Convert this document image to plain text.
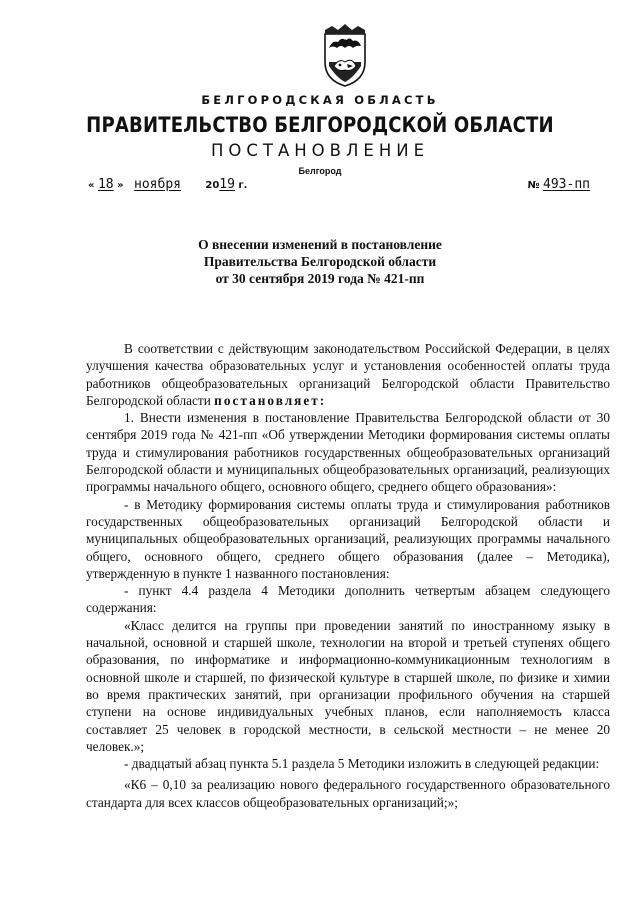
БЕЛГОРОДСКАЯ ОБЛАСТЬ
ПРАВИТЕЛЬСТВО БЕЛГОРОДСКОЙ ОБЛАСТИ
ПОСТАНОВЛЕНИЕ
Белгород
« 18 » ноября 2019 г.	№ 493-пп
О внесении изменений в постановление
Правительства Белгородской области
от 30 сентября 2019 года № 421-пп

В соответствии с действующим законодательством Российской Федерации, в целях улучшения качества образовательных услуг и установления особенностей оплаты труда работников общеобразовательных организаций Белгородской области Правительство Белгородской области постановляет:

1. Внести изменения в постановление Правительства Белгородской области от 30 сентября 2019 года № 421-пп «Об утверждении Методики формирования системы оплаты труда и стимулирования работников государственных общеобразовательных организаций Белгородской области и муниципальных общеобразовательных организаций, реализующих программы начального общего, основного общего, среднего общего образования»:

- в Методику формирования системы оплаты труда и стимулирования работников государственных общеобразовательных организаций Белгородской области и муниципальных общеобразовательных организаций, реализующих программы начального общего, основного общего, среднего общего образования (далее – Методика), утвержденную в пункте 1 названного постановления:

- пункт 4.4 раздела 4 Методики дополнить четвертым абзацем следующего содержания:

«Класс делится на группы при проведении занятий по иностранному языку в начальной, основной и старшей школе, технологии на второй и третьей ступенях общего образования, по информатике и информационно-коммуникационным технологиям в основной школе и старшей, по физической культуре в старшей школе, по физике и химии во время практических занятий, при организации профильного обучения на старшей ступени на основе индивидуальных учебных планов, если наполняемость класса составляет 25 человек в городской местности, в сельской местности – не менее 20 человек.»;

- двадцатый абзац пункта 5.1 раздела 5 Методики изложить в следующей редакции:

«К6 – 0,10 за реализацию нового федерального государственного образовательного стандарта для всех классов общеобразовательных организаций;»;
